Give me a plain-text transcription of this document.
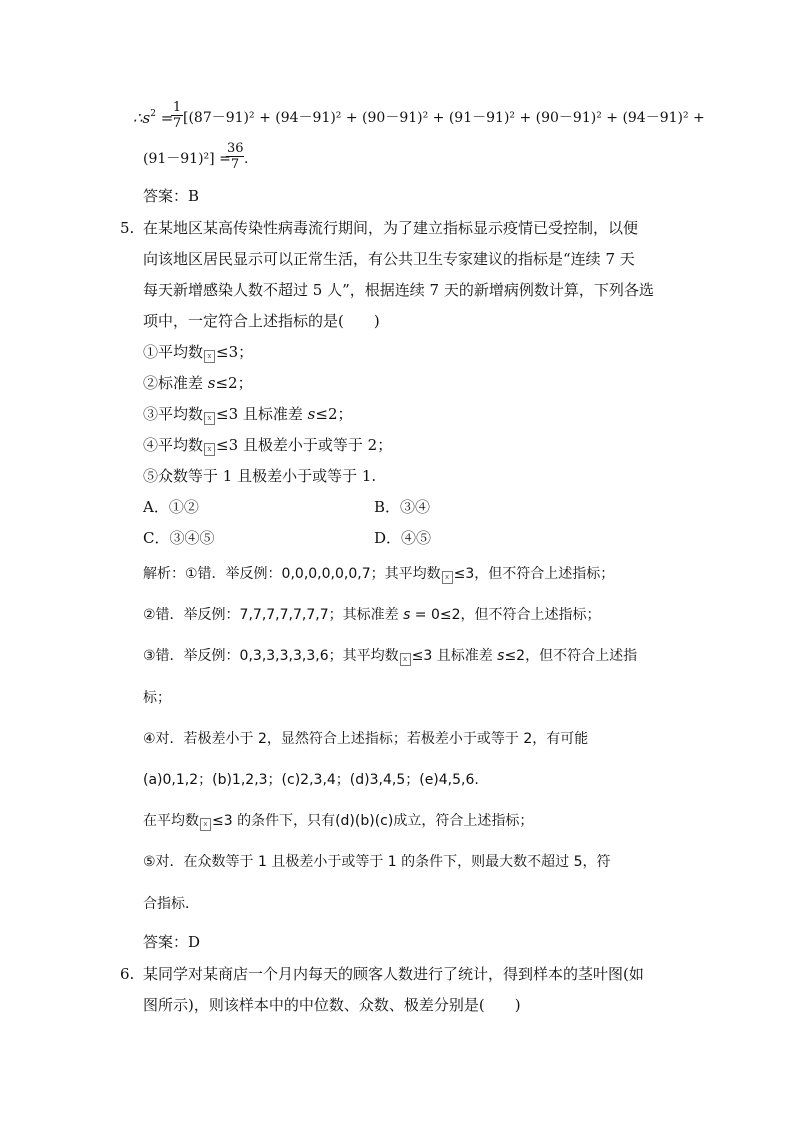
$\therefore s^2$ =
$\frac{1}{7} [(87-91)^2 + (94-91)^2 + (90-91)^2 + (91-91)^2 + (90-91)^2 + (94-91)^2$ +
(91－91)²] =
$\frac{36}{7}$ .
答案：B
5. 在某地区某高传染性病毒流行期间，为了建立指标显示疫情已受控制，以便
向该地区居民显示可以正常生活，有公共卫生专家建议的指标是“连续 7 天
每天新增感染人数不超过 5 人”，根据连续 7 天的新增病例数计算，下列各选
项中，一定符合上述指标的是(　　)
①平均数 x ≤3；
②标准差 s≤2；
③平均数 x ≤3 且标准差 s≤2；
④平均数 x ≤3 且极差小于或等于 2；
⑤众数等于 1 且极差小于或等于 1.
A．①②	B．③④
C．③④⑤	D．④⑤
解析：①错．举反例：0,0,0,0,0,0,7；其平均数 x ≤3，但不符合上述指标；
②错．举反例：7,7,7,7,7,7,7；其标准差 s = 0≤2，但不符合上述指标；
③错．举反例：0,3,3,3,3,3,6；其平均数 x ≤3 且标准差 s≤2，但不符合上述指
标；
④对．若极差小于 2，显然符合上述指标；若极差小于或等于 2，有可能
(a)0,1,2；(b)1,2,3；(c)2,3,4；(d)3,4,5；(e)4,5,6.
在平均数 x ≤3 的条件下，只有(d)(b)(c)成立，符合上述指标；
⑤对．在众数等于 1 且极差小于或等于 1 的条件下，则最大数不超过 5，符
合指标．
答案：D
6. 某同学对某商店一个月内每天的顾客人数进行了统计，得到样本的茎叶图(如
图所示)，则该样本中的中位数、众数、极差分别是(　　)
